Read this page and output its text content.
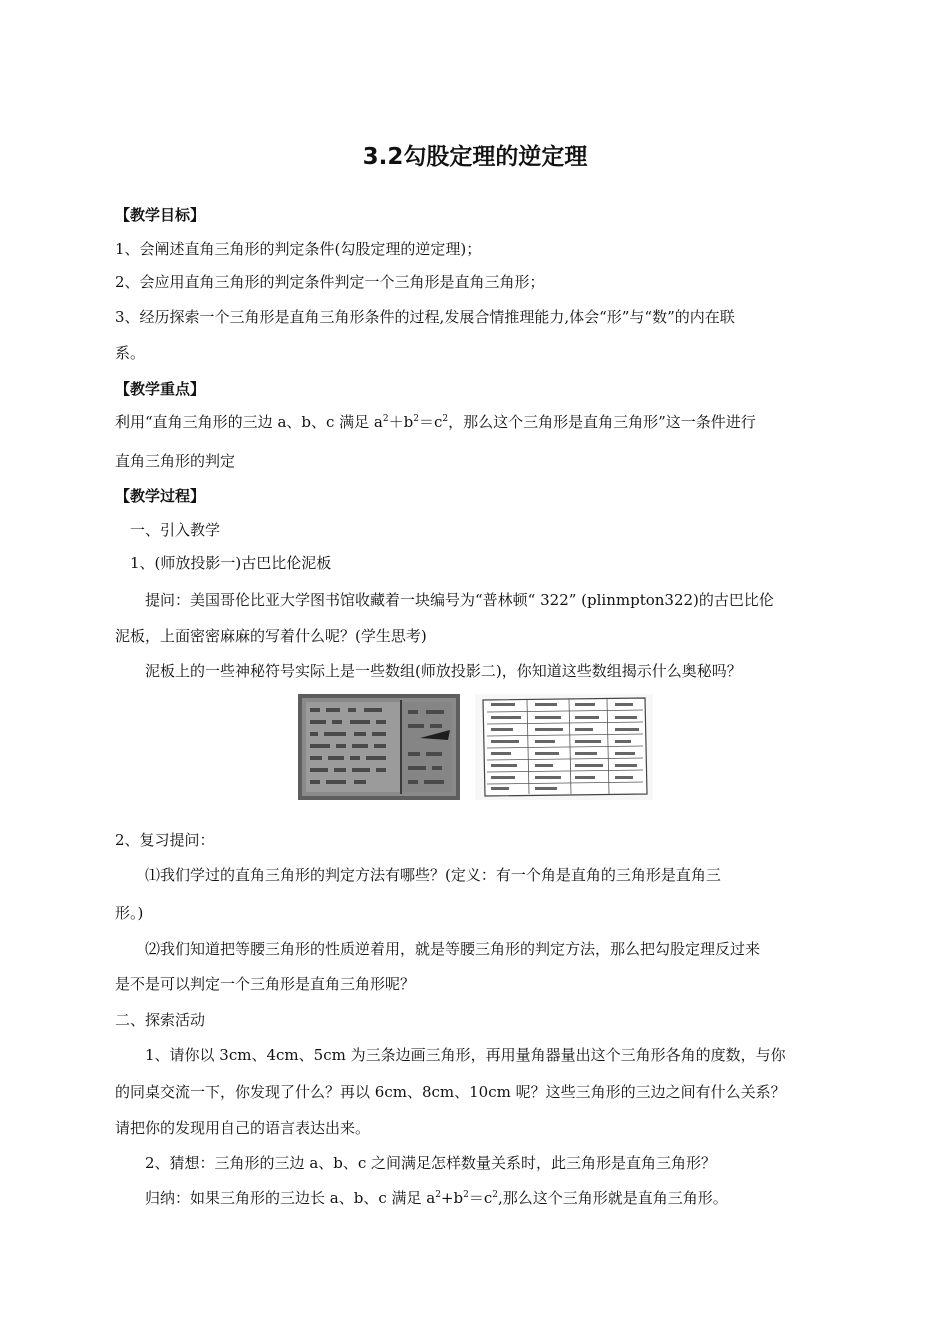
3.2勾股定理的逆定理
【教学目标】
1、会阐述直角三角形的判定条件(勾股定理的逆定理)；
2、会应用直角三角形的判定条件判定一个三角形是直角三角形；
3、经历探索一个三角形是直角三角形条件的过程,发展合情推理能力,体会“形”与“数”的内在联
系。
【教学重点】
利用“直角三角形的三边 a、b、c 满足 $a^2+b^2=c^2$，那么这个三角形是直角三角形”这一条件进行
直角三角形的判定
【教学过程】
一、引入教学
1、(师放投影一)古巴比伦泥板
提问：美国哥伦比亚大学图书馆收藏着一块编号为“普林顿“ 322” (plinmpton322)的古巴比伦
泥板，上面密密麻麻的写着什么呢？(学生思考)
泥板上的一些神秘符号实际上是一些数组(师放投影二)，你知道这些数组揭示什么奥秘吗？
2、复习提问：
⑴我们学过的直角三角形的判定方法有哪些？(定义：有一个角是直角的三角形是直角三
形。)
⑵我们知道把等腰三角形的性质逆着用，就是等腰三角形的判定方法，那么把勾股定理反过来
是不是可以判定一个三角形是直角三角形呢？
二、探索活动
1、请你以 3cm、4cm、5cm 为三条边画三角形，再用量角器量出这个三角形各角的度数，与你
的同桌交流一下，你发现了什么？再以 6cm、8cm、10cm 呢？这些三角形的三边之间有什么关系？
请把你的发现用自己的语言表达出来。
2、猜想：三角形的三边 a、b、c 之间满足怎样数量关系时，此三角形是直角三角形？
归纳：如果三角形的三边长 a、b、c 满足 $a^2+b^2=c^2$,那么这个三角形就是直角三角形。
